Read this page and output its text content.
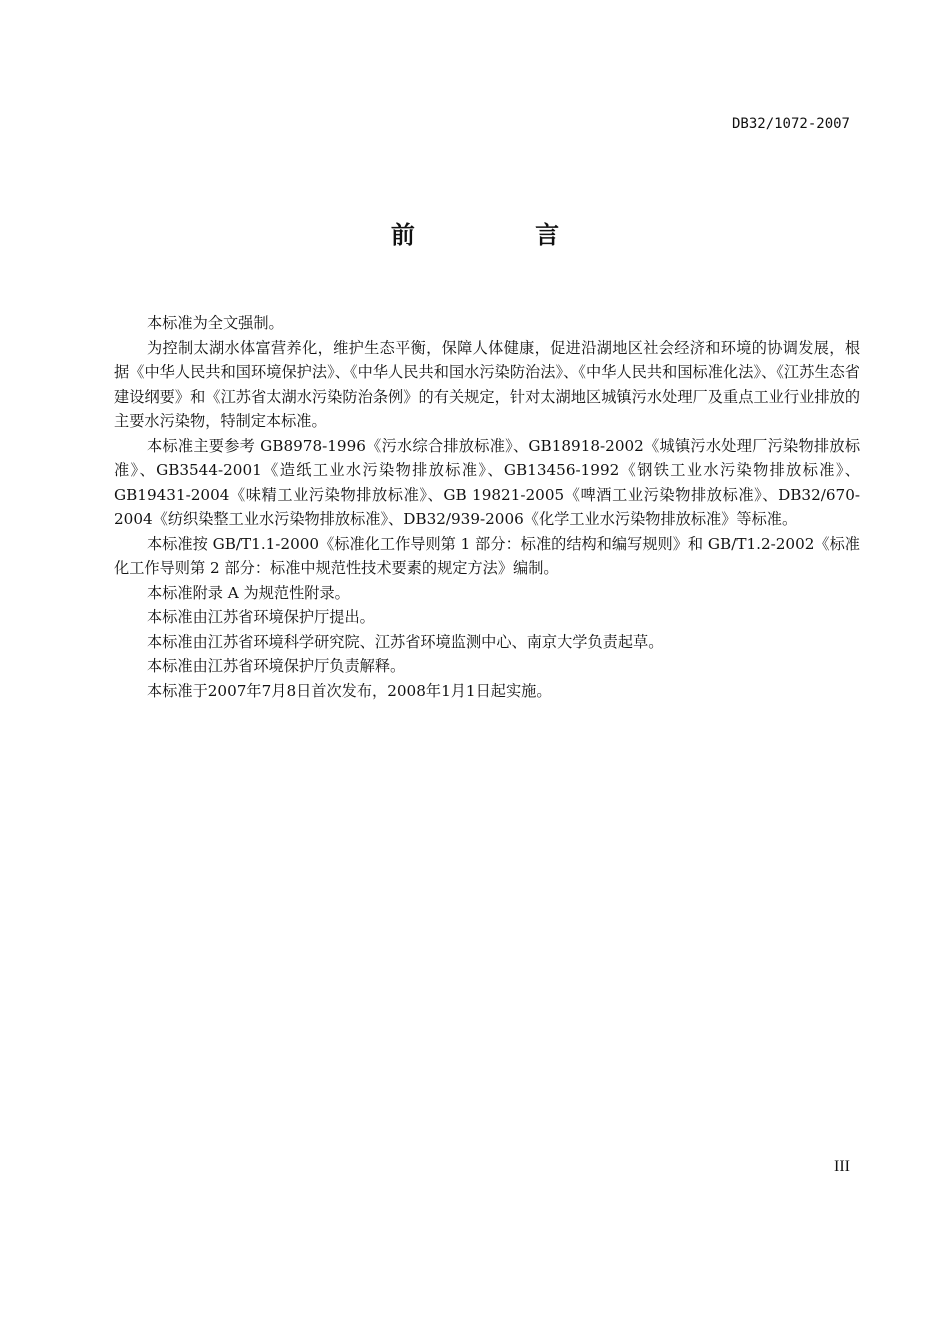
DB32/1072-2007
前 言

本标准为全文强制。

为控制太湖水体富营养化，维护生态平衡，保障人体健康，促进沿湖地区社会经济和环境的协调发展，根据《中华人民共和国环境保护法》、《中华人民共和国水污染防治法》、《中华人民共和国标准化法》、《江苏生态省建设纲要》和《江苏省太湖水污染防治条例》的有关规定，针对太湖地区城镇污水处理厂及重点工业行业排放的主要水污染物，特制定本标准。

本标准主要参考 GB8978-1996《污水综合排放标准》、GB18918-2002《城镇污水处理厂污染物排放标准》、GB3544-2001《造纸工业水污染物排放标准》、GB13456-1992《钢铁工业水污染物排放标准》、GB19431-2004《味精工业污染物排放标准》、GB 19821-2005《啤酒工业污染物排放标准》、DB32/670-2004《纺织染整工业水污染物排放标准》、DB32/939-2006《化学工业水污染物排放标准》等标准。

本标准按 GB/T1.1-2000《标准化工作导则第 1 部分：标准的结构和编写规则》和 GB/T1.2-2002《标准化工作导则第 2 部分：标准中规范性技术要素的规定方法》编制。

本标准附录 A 为规范性附录。

本标准由江苏省环境保护厅提出。

本标准由江苏省环境科学研究院、江苏省环境监测中心、南京大学负责起草。

本标准由江苏省环境保护厅负责解释。

本标准于2007年7月8日首次发布，2008年1月1日起实施。

III
